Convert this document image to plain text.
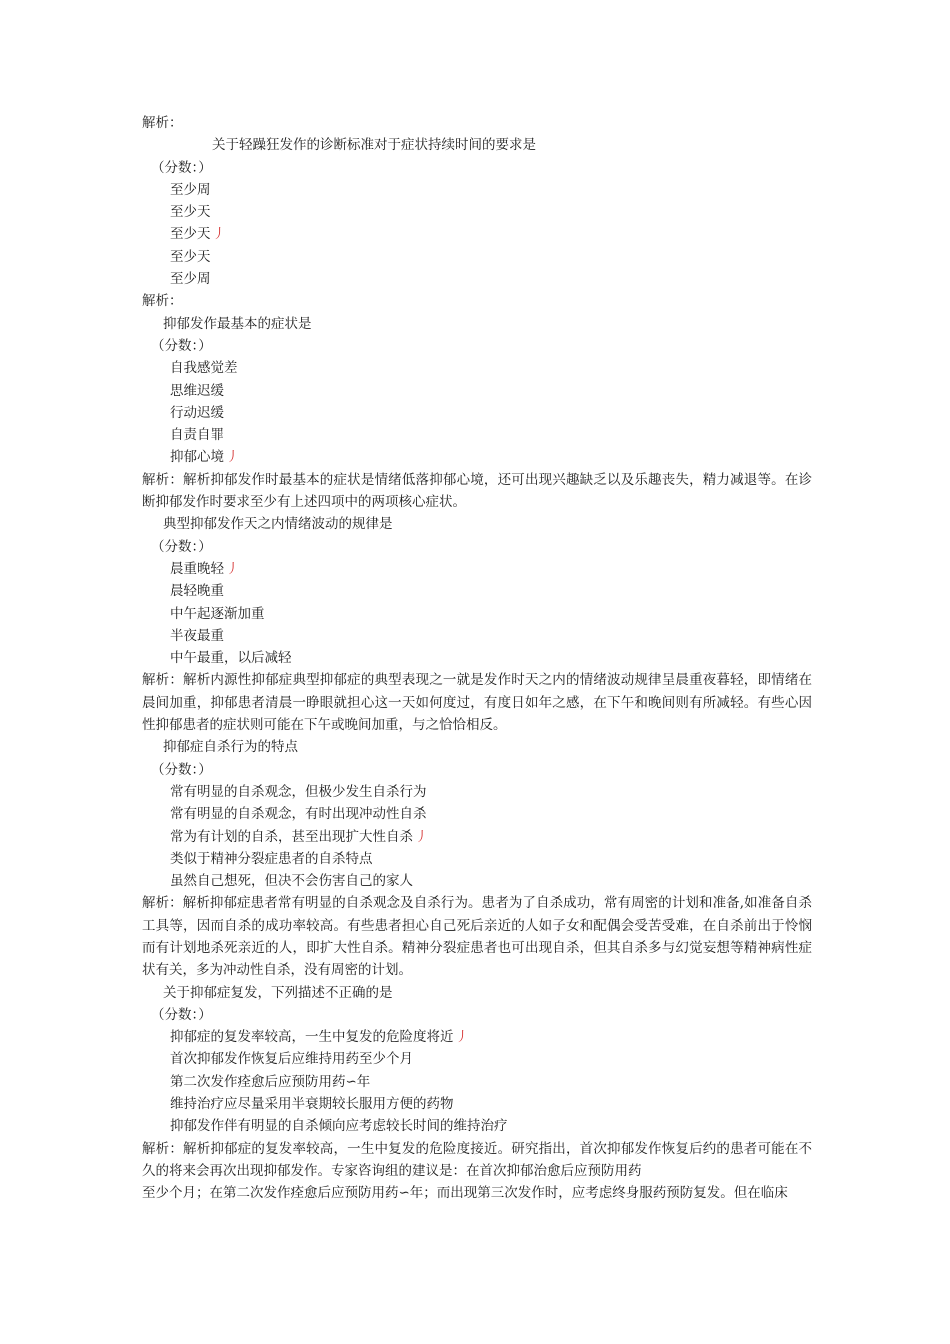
解析：
关于轻躁狂发作的诊断标准对于症状持续时间的要求是
（分数：）
至少周
至少天
至少天 丿
至少天
至少周
解析：
抑郁发作最基本的症状是
（分数：）
自我感觉差
思维迟缓
行动迟缓
自责自罪
抑郁心境 丿
解析：解析抑郁发作时最基本的症状是情绪低落抑郁心境，还可出现兴趣缺乏以及乐趣丧失，精力减退等。在诊断抑郁发作时要求至少有上述四项中的两项核心症状。
典型抑郁发作天之内情绪波动的规律是
（分数：）
晨重晚轻 丿
晨轻晚重
中午起逐渐加重
半夜最重
中午最重，以后减轻
解析：解析内源性抑郁症典型抑郁症的典型表现之一就是发作时天之内的情绪波动规律呈晨重夜暮轻，即情绪在晨间加重，抑郁患者清晨一睁眼就担心这一天如何度过，有度日如年之感，在下午和晚间则有所减轻。有些心因性抑郁患者的症状则可能在下午或晚间加重，与之恰恰相反。
抑郁症自杀行为的特点
（分数：）
常有明显的自杀观念，但极少发生自杀行为
常有明显的自杀观念，有时出现冲动性自杀
常为有计划的自杀，甚至出现扩大性自杀 丿
类似于精神分裂症患者的自杀特点
虽然自己想死，但决不会伤害自己的家人
解析：解析抑郁症患者常有明显的自杀观念及自杀行为。患者为了自杀成功，常有周密的计划和准备,如准备自杀工具等，因而自杀的成功率较高。有些患者担心自己死后亲近的人如子女和配偶会受苦受难，在自杀前出于怜悯而有计划地杀死亲近的人，即扩大性自杀。精神分裂症患者也可出现自杀，但其自杀多与幻觉妄想等精神病性症状有关，多为冲动性自杀，没有周密的计划。
关于抑郁症复发，下列描述不正确的是
（分数：）
抑郁症的复发率较高，一生中复发的危险度将近 丿
首次抑郁发作恢复后应维持用药至少个月
第二次发作痊愈后应预防用药∽年
维持治疗应尽量采用半衰期较长服用方便的药物
抑郁发作伴有明显的自杀倾向应考虑较长时间的维持治疗
解析：解析抑郁症的复发率较高，一生中复发的危险度接近。研究指出，首次抑郁发作恢复后约的患者可能在不久的将来会再次出现抑郁发作。专家咨询组的建议是：在首次抑郁治愈后应预防用药
至少个月；在第二次发作痊愈后应预防用药∽年；而出现第三次发作时，应考虑终身服药预防复发。但在临床
